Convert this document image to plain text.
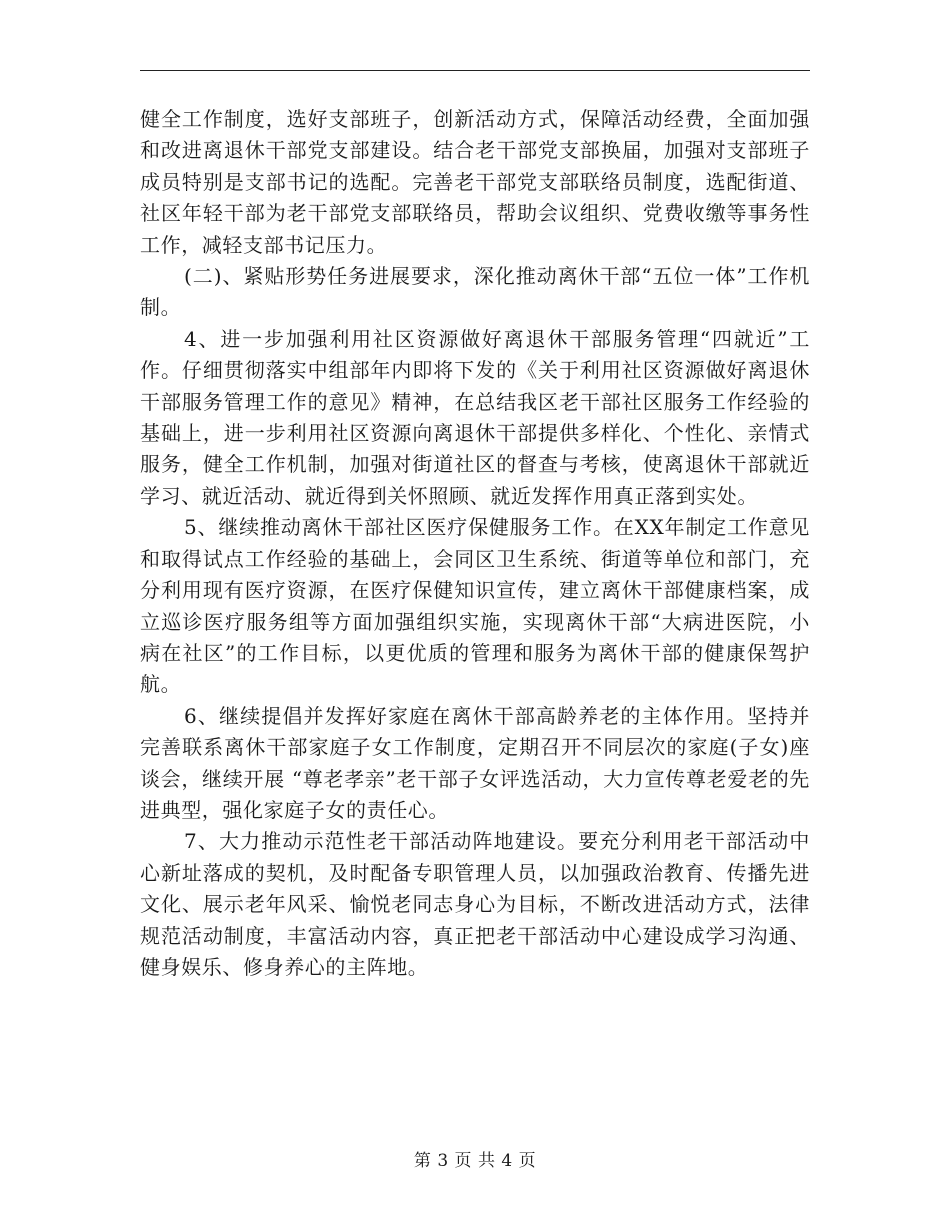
健全工作制度，选好支部班子，创新活动方式，保障活动经费，全面加强和改进离退休干部党支部建设。结合老干部党支部换届，加强对支部班子成员特别是支部书记的选配。完善老干部党支部联络员制度，选配街道、社区年轻干部为老干部党支部联络员，帮助会议组织、党费收缴等事务性工作，减轻支部书记压力。

(二)、紧贴形势任务进展要求，深化推动离休干部“五位一体”工作机制。

4、进一步加强利用社区资源做好离退休干部服务管理“四就近”工作。仔细贯彻落实中组部年内即将下发的《关于利用社区资源做好离退休干部服务管理工作的意见》精神，在总结我区老干部社区服务工作经验的基础上，进一步利用社区资源向离退休干部提供多样化、个性化、亲情式服务，健全工作机制，加强对街道社区的督查与考核，使离退休干部就近学习、就近活动、就近得到关怀照顾、就近发挥作用真正落到实处。

5、继续推动离休干部社区医疗保健服务工作。在XX年制定工作意见和取得试点工作经验的基础上，会同区卫生系统、街道等单位和部门，充分利用现有医疗资源，在医疗保健知识宣传，建立离休干部健康档案，成立巡诊医疗服务组等方面加强组织实施，实现离休干部“大病进医院，小病在社区”的工作目标，以更优质的管理和服务为离休干部的健康保驾护航。

6、继续提倡并发挥好家庭在离休干部高龄养老的主体作用。坚持并完善联系离休干部家庭子女工作制度，定期召开不同层次的家庭(子女)座谈会，继续开展 “尊老孝亲”老干部子女评选活动，大力宣传尊老爱老的先进典型，强化家庭子女的责任心。

7、大力推动示范性老干部活动阵地建设。要充分利用老干部活动中心新址落成的契机，及时配备专职管理人员，以加强政治教育、传播先进文化、展示老年风采、愉悦老同志身心为目标，不断改进活动方式，法律规范活动制度，丰富活动内容，真正把老干部活动中心建设成学习沟通、健身娱乐、修身养心的主阵地。

第 3 页 共 4 页
